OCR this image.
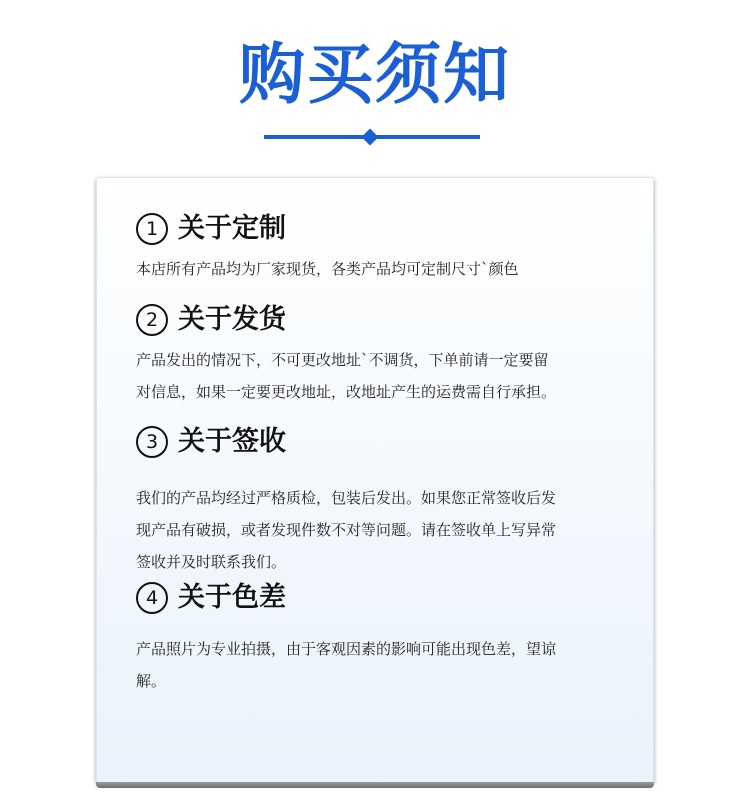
购买须知
1 关于定制
本店所有产品均为厂家现货，各类产品均可定制尺寸`颜色
2 关于发货
产品发出的情况下，不可更改地址`不调货，下单前请一定要留
对信息，如果一定要更改地址，改地址产生的运费需自行承担。
3 关于签收
我们的产品均经过严格质检，包装后发出。如果您正常签收后发
现产品有破损，或者发现件数不对等问题。请在签收单上写异常
签收并及时联系我们。
4 关于色差
产品照片为专业拍摄，由于客观因素的影响可能出现色差，望谅
解。
